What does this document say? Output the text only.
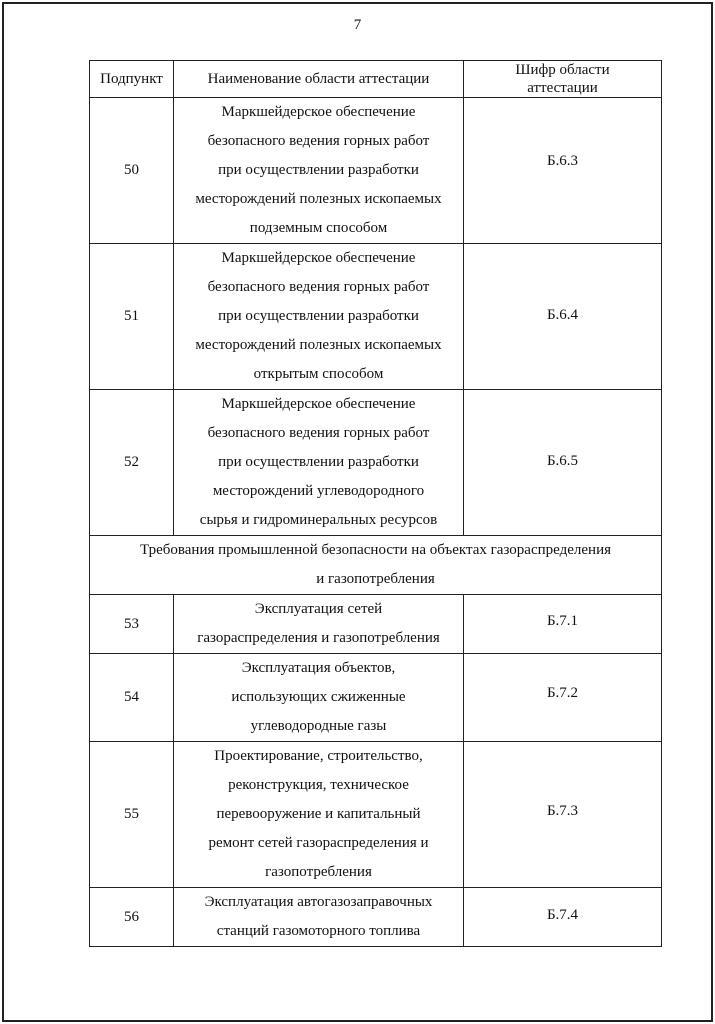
7
Подпункт	Наименование области аттестации	Шифр области
аттестации

50	Маркшейдерское обеспечение
безопасного ведения горных работ
при осуществлении разработки
месторождений полезных ископаемых
подземным способом	Б.6.3
51	Маркшейдерское обеспечение
безопасного ведения горных работ
при осуществлении разработки
месторождений полезных ископаемых
открытым способом	Б.6.4
52	Маркшейдерское обеспечение
безопасного ведения горных работ
при осуществлении разработки
месторождений углеводородного
сырья и гидроминеральных ресурсов	Б.6.5

Требования промышленной безопасности на объектах газораспределения
и газопотребления		

53	Эксплуатация сетей
газораспределения и газопотребления	Б.7.1
54	Эксплуатация объектов,
использующих сжиженные
углеводородные газы	Б.7.2
55	Проектирование, строительство,
реконструкция, техническое
перевооружение и капитальный
ремонт сетей газораспределения и
газопотребления	Б.7.3
56	Эксплуатация автогазозаправочных
станций газомоторного топлива	Б.7.4
